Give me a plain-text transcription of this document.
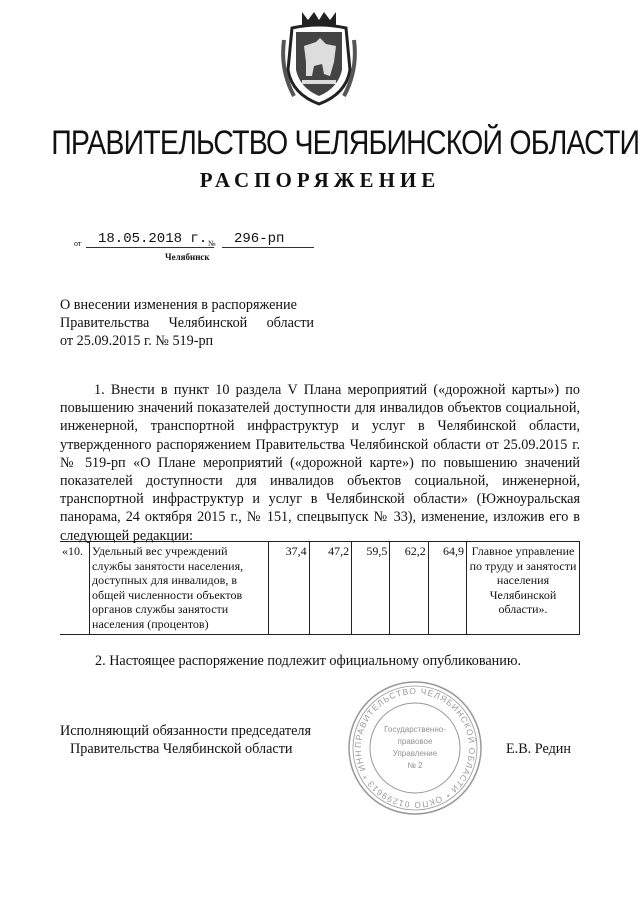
ПРАВИТЕЛЬСТВО ЧЕЛЯБИНСКОЙ ОБЛАСТИ
РАСПОРЯЖЕНИЕ
от	18.05.2018 г. №	296-рп
Челябинск
О внесении изменения в распоряжение
Правительства Челябинской области
от 25.09.2015 г. № 519-рп

1. Внести в пункт 10 раздела V Плана мероприятий («дорожной карты») по повышению значений показателей доступности для инвалидов объектов социальной, инженерной, транспортной инфраструктур и услуг в Челябинской области, утвержденного распоряжением Правительства Челябинской области от 25.09.2015 г. № 519-рп «О Плане мероприятий («дорожной карте») по повышению значений показателей доступности для инвалидов объектов социальной, инженерной, транспортной инфраструктур и услуг в Челябинской области» (Южноуральская панорама, 24 октября 2015 г., № 151, спецвыпуск № 33), изменение, изложив его в следующей редакции:

«10.	Удельный вес учреждений службы занятости населения, доступных для инвалидов, в общей численности объектов органов службы занятости населения (процентов)	37,4	47,2	59,5	62,2	64,9	Главное управление по труду и занятости населения Челябинской области».
2. Настоящее распоряжение подлежит официальному опубликованию.
Исполняющий обязанности председателя
Правительства Челябинской области	Е.В. Редин
ПРАВИТЕЛЬСТВО ЧЕЛЯБИНСКОЙ ОБЛАСТИ * ОКПО 01299613 * ИНН
Государственно-
правовое
Управление
№ 2
